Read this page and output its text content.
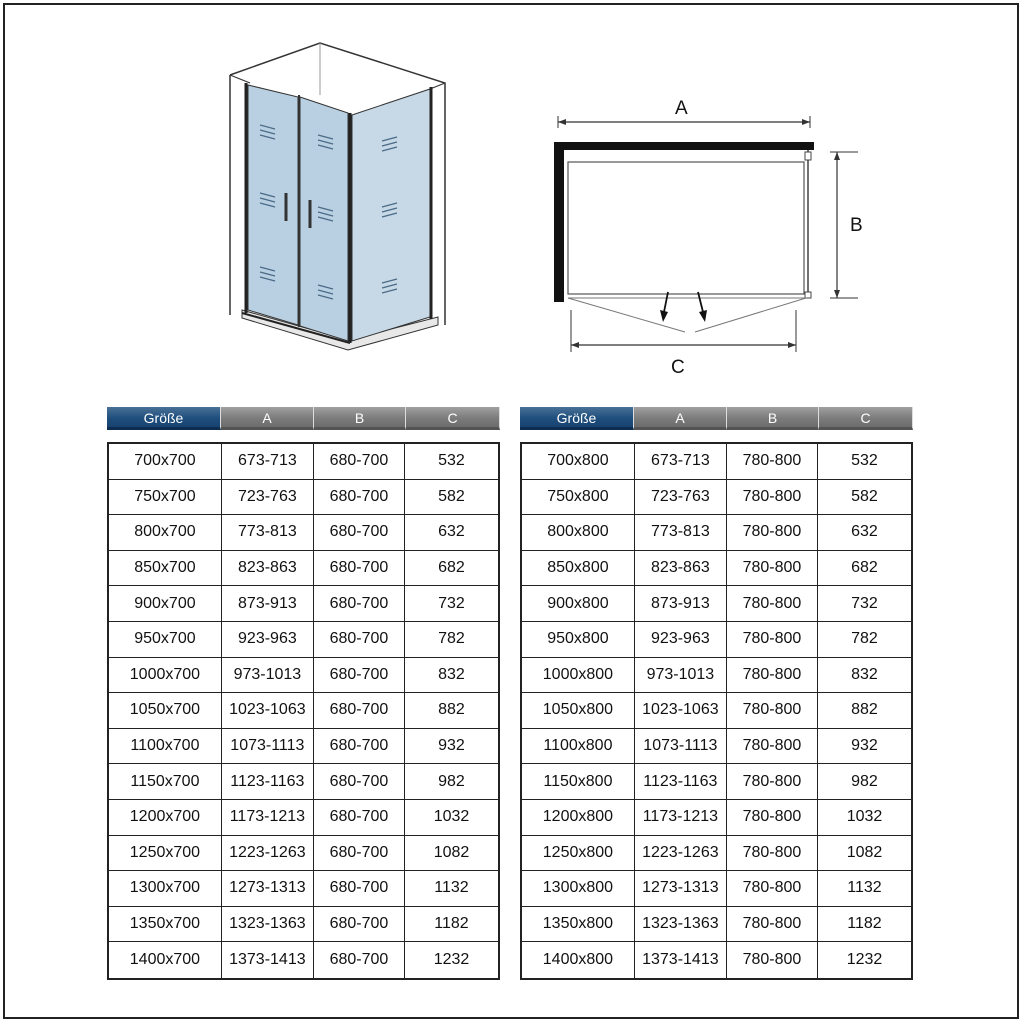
A
B
C
Größe	A	B	C
700x700	673-713	680-700	532
750x700	723-763	680-700	582
800x700	773-813	680-700	632
850x700	823-863	680-700	682
900x700	873-913	680-700	732
950x700	923-963	680-700	782
1000x700	973-1013	680-700	832
1050x700	1023-1063	680-700	882
1100x700	1073-1113	680-700	932
1150x700	1123-1163	680-700	982
1200x700	1173-1213	680-700	1032
1250x700	1223-1263	680-700	1082
1300x700	1273-1313	680-700	1132
1350x700	1323-1363	680-700	1182
1400x700	1373-1413	680-700	1232
Größe	A	B	C
700x800	673-713	780-800	532
750x800	723-763	780-800	582
800x800	773-813	780-800	632
850x800	823-863	780-800	682
900x800	873-913	780-800	732
950x800	923-963	780-800	782
1000x800	973-1013	780-800	832
1050x800	1023-1063	780-800	882
1100x800	1073-1113	780-800	932
1150x800	1123-1163	780-800	982
1200x800	1173-1213	780-800	1032
1250x800	1223-1263	780-800	1082
1300x800	1273-1313	780-800	1132
1350x800	1323-1363	780-800	1182
1400x800	1373-1413	780-800	1232
